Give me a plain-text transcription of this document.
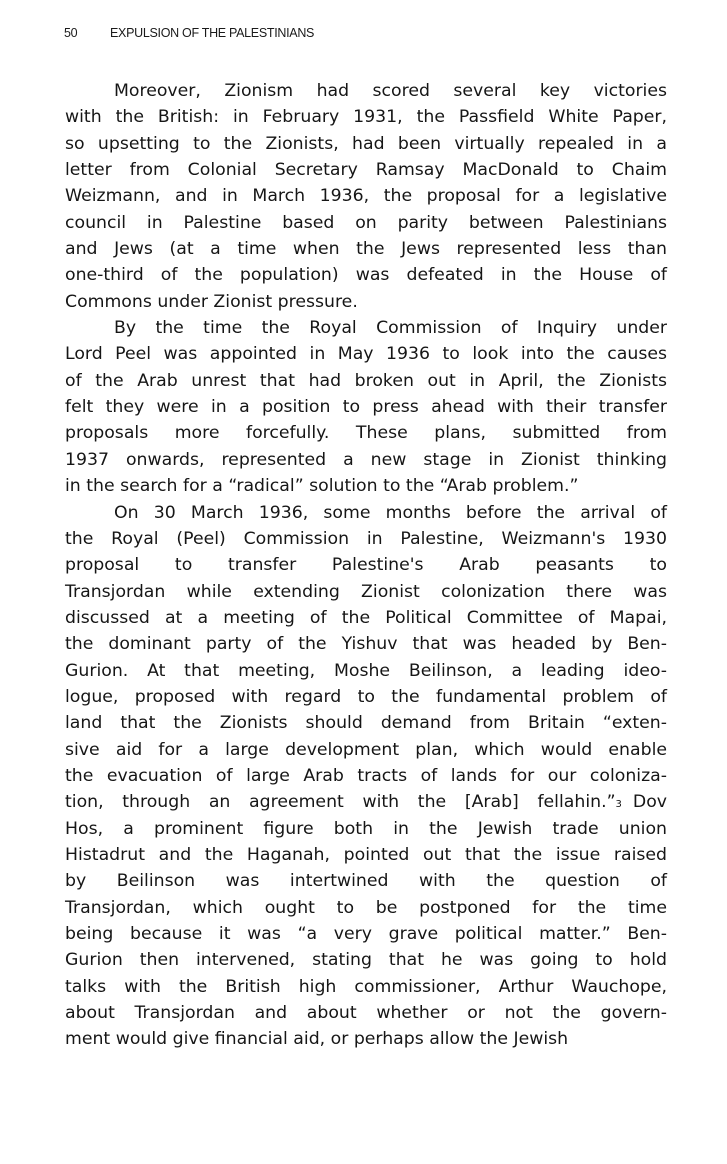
50	EXPULSION OF THE PALESTINIANS
Moreover, Zionism had scored several key victories
with the British: in February 1931, the Passfield White Paper,
so upsetting to the Zionists, had been virtually repealed in a
letter from Colonial Secretary Ramsay MacDonald to Chaim
Weizmann, and in March 1936, the proposal for a legislative
council in Palestine based on parity between Palestinians
and Jews (at a time when the Jews represented less than
one-third of the population) was defeated in the House of
Commons under Zionist pressure.
By the time the Royal Commission of Inquiry under
Lord Peel was appointed in May 1936 to look into the causes
of the Arab unrest that had broken out in April, the Zionists
felt they were in a position to press ahead with their transfer
proposals more forcefully. These plans, submitted from
1937 onwards, represented a new stage in Zionist thinking
in the search for a “radical” solution to the “Arab problem.”
On 30 March 1936, some months before the arrival of
the Royal (Peel) Commission in Palestine, Weizmann's 1930
proposal to transfer Palestine's Arab peasants to
Transjordan while extending Zionist colonization there was
discussed at a meeting of the Political Committee of Mapai,
the dominant party of the Yishuv that was headed by Ben-
Gurion. At that meeting, Moshe Beilinson, a leading ideo-
logue, proposed with regard to the fundamental problem of
land that the Zionists should demand from Britain “exten-
sive aid for a large development plan, which would enable
the evacuation of large Arab tracts of lands for our coloniza-
tion, through an agreement with the [Arab] fellahin.” 3 Dov
Hos, a prominent figure both in the Jewish trade union
Histadrut and the Haganah, pointed out that the issue raised
by Beilinson was intertwined with the question of
Transjordan, which ought to be postponed for the time
being because it was “a very grave political matter.” Ben-
Gurion then intervened, stating that he was going to hold
talks with the British high commissioner, Arthur Wauchope,
about Transjordan and about whether or not the govern-
ment would give financial aid, or perhaps allow the Jewish
